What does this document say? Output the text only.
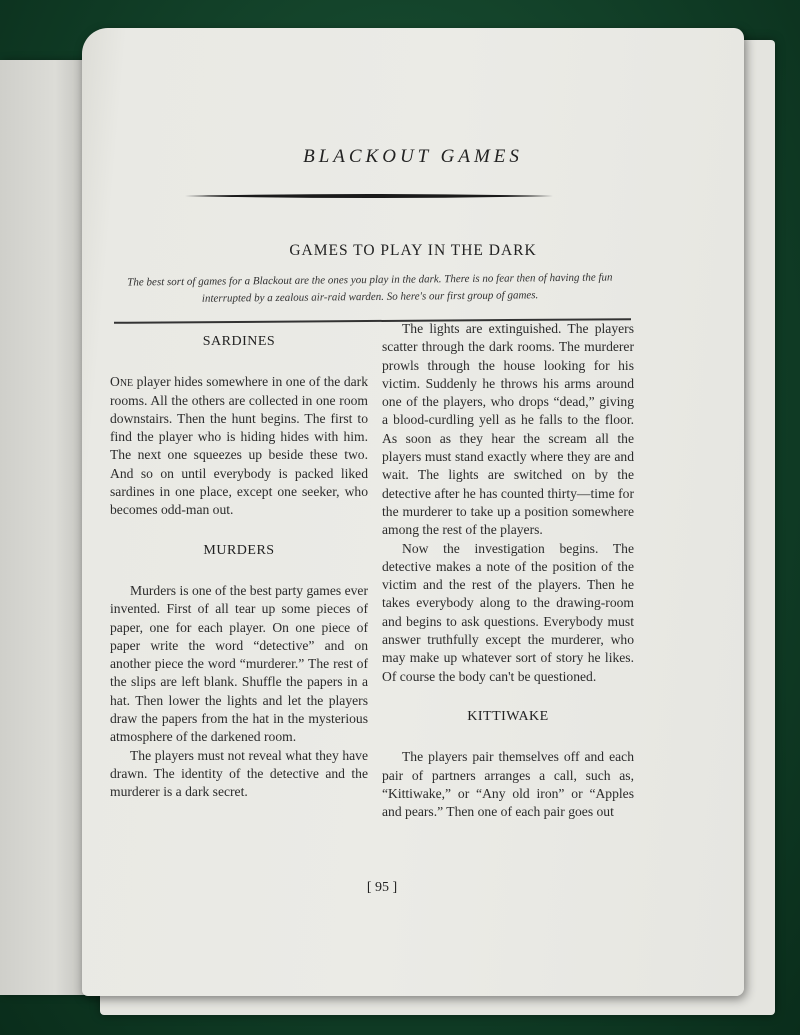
BLACKOUT GAMES
GAMES TO PLAY IN THE DARK
The best sort of games for a Blackout are the ones you play in the dark. There is no fear then of having the fun interrupted by a zealous air-raid warden. So here's our first group of games.
SARDINES

One player hides somewhere in one of the dark rooms. All the others are collected in one room downstairs. Then the hunt begins. The first to find the player who is hiding hides with him. The next one squeezes up beside these two. And so on until everybody is packed liked sardines in one place, except one seeker, who becomes odd-man out.

MURDERS

Murders is one of the best party games ever invented. First of all tear up some pieces of paper, one for each player. On one piece of paper write the word “detective” and on another piece the word “murderer.” The rest of the slips are left blank. Shuffle the papers in a hat. Then lower the lights and let the players draw the papers from the hat in the mysterious atmosphere of the darkened room.

The players must not reveal what they have drawn. The identity of the detective and the murderer is a dark secret.

The lights are extinguished. The players scatter through the dark rooms. The murderer prowls through the house looking for his victim. Suddenly he throws his arms around one of the players, who drops “dead,” giving a blood-curdling yell as he falls to the floor. As soon as they hear the scream all the players must stand exactly where they are and wait. The lights are switched on by the detective after he has counted thirty—time for the murderer to take up a position somewhere among the rest of the players.

Now the investigation begins. The detective makes a note of the position of the victim and the rest of the players. Then he takes everybody along to the drawing-room and begins to ask questions. Everybody must answer truthfully except the murderer, who may make up whatever sort of story he likes. Of course the body can't be questioned.

KITTIWAKE

The players pair themselves off and each pair of partners arranges a call, such as, “Kittiwake,” or “Any old iron” or “Apples and pears.” Then one of each pair goes out

[ 95 ]
